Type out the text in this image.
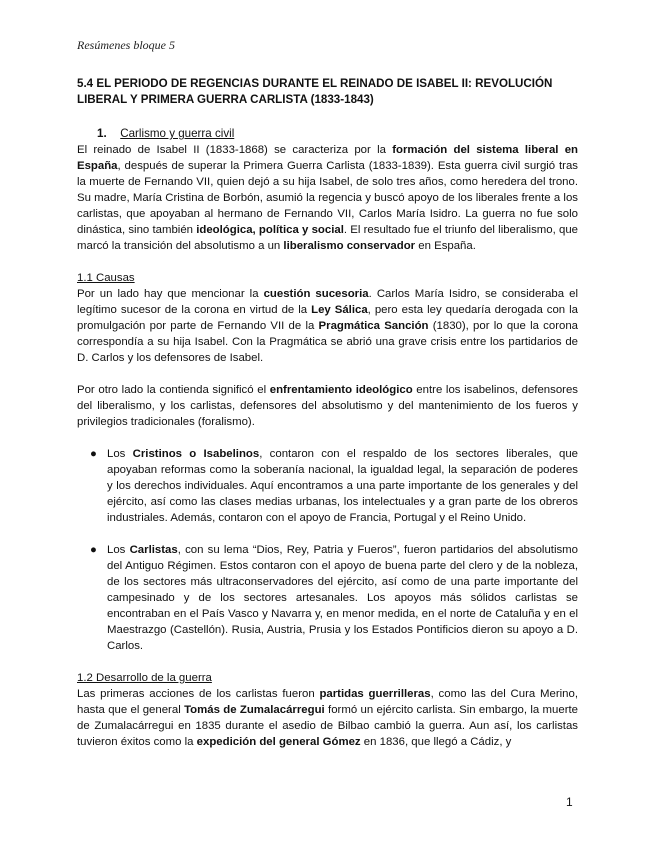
Resúmenes bloque 5
5.4 EL PERIODO DE REGENCIAS DURANTE EL REINADO DE ISABEL II: REVOLUCIÓN
LIBERAL Y PRIMERA GUERRA CARLISTA (1833-1843)
1. Carlismo y guerra civil

El reinado de Isabel II (1833-1868) se caracteriza por la formación del sistema liberal en España, después de superar la Primera Guerra Carlista (1833-1839). Esta guerra civil surgió tras la muerte de Fernando VII, quien dejó a su hija Isabel, de solo tres años, como heredera del trono. Su madre, María Cristina de Borbón, asumió la regencia y buscó apoyo de los liberales frente a los carlistas, que apoyaban al hermano de Fernando VII, Carlos María Isidro. La guerra no fue solo dinástica, sino también ideológica, política y social. El resultado fue el triunfo del liberalismo, que marcó la transición del absolutismo a un liberalismo conservador en España.

1.1 Causas

Por un lado hay que mencionar la cuestión sucesoria. Carlos María Isidro, se consideraba el legítimo sucesor de la corona en virtud de la Ley Sálica, pero esta ley quedaría derogada con la promulgación por parte de Fernando VII de la Pragmática Sanción (1830), por lo que la corona correspondía a su hija Isabel. Con la Pragmática se abrió una grave crisis entre los partidarios de D. Carlos y los defensores de Isabel.

Por otro lado la contienda significó el enfrentamiento ideológico entre los isabelinos, defensores del liberalismo, y los carlistas, defensores del absolutismo y del mantenimiento de los fueros y privilegios tradicionales (foralismo).

● Los Cristinos o Isabelinos, contaron con el respaldo de los sectores liberales, que apoyaban reformas como la soberanía nacional, la igualdad legal, la separación de poderes y los derechos individuales. Aquí encontramos a una parte importante de los generales y del ejército, así como las clases medias urbanas, los intelectuales y a gran parte de los obreros industriales. Además, contaron con el apoyo de Francia, Portugal y el Reino Unido.
● Los Carlistas, con su lema “Dios, Rey, Patria y Fueros”, fueron partidarios del absolutismo del Antiguo Régimen. Estos contaron con el apoyo de buena parte del clero y de la nobleza, de los sectores más ultraconservadores del ejército, así como de una parte importante del campesinado y de los sectores artesanales. Los apoyos más sólidos carlistas se encontraban en el País Vasco y Navarra y, en menor medida, en el norte de Cataluña y en el Maestrazgo (Castellón). Rusia, Austria, Prusia y los Estados Pontificios dieron su apoyo a D. Carlos.
1.2 Desarrollo de la guerra

Las primeras acciones de los carlistas fueron partidas guerrilleras, como las del Cura Merino, hasta que el general Tomás de Zumalacárregui formó un ejército carlista. Sin embargo, la muerte de Zumalacárregui en 1835 durante el asedio de Bilbao cambió la guerra. Aun así, los carlistas tuvieron éxitos como la expedición del general Gómez en 1836, que llegó a Cádiz, y

1
